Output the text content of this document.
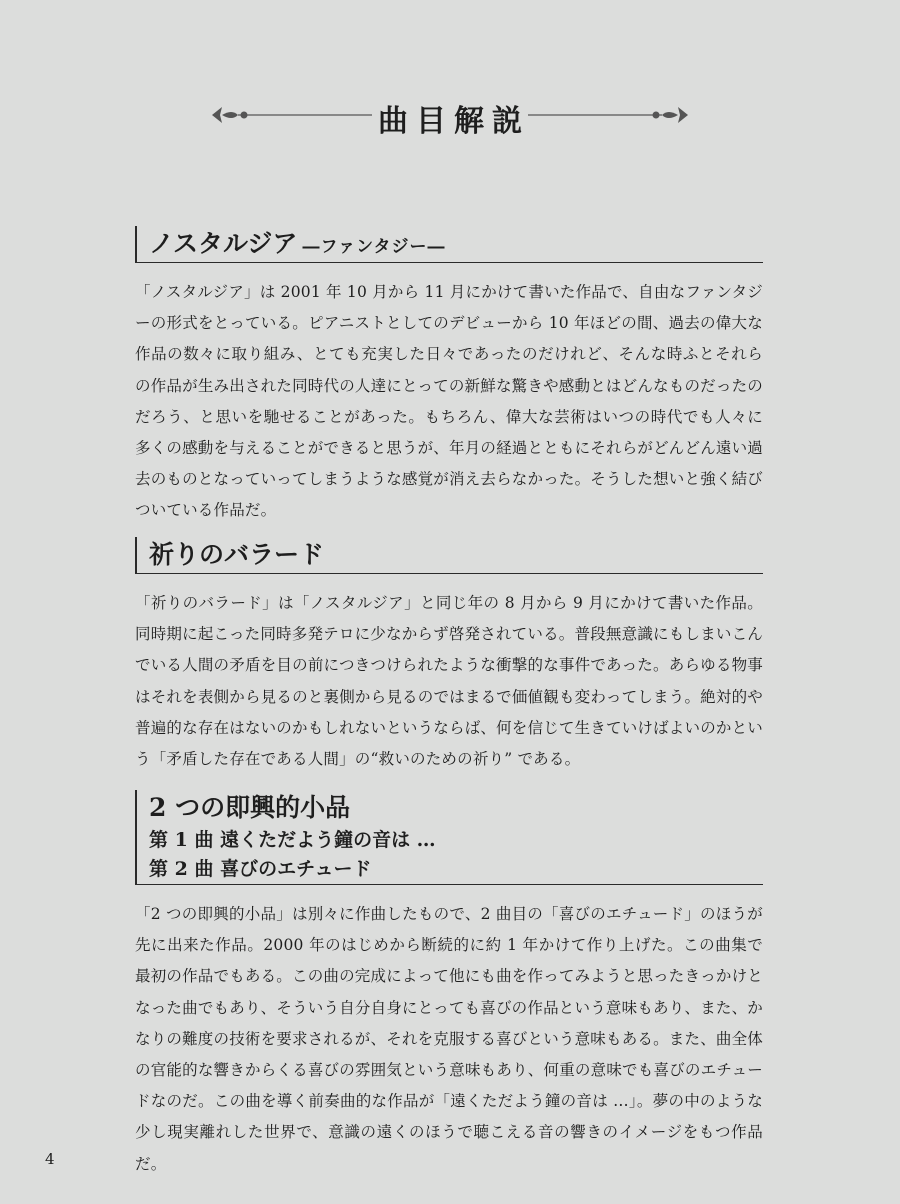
曲目解説
ノスタルジア ―ファンタジー―

「ノスタルジア」は 2001 年 10 月から 11 月にかけて書いた作品で、自由なファンタジーの形式をとっている。ピアニストとしてのデビューから 10 年ほどの間、過去の偉大な作品の数々に取り組み、とても充実した日々であったのだけれど、そんな時ふとそれらの作品が生み出された同時代の人達にとっての新鮮な驚きや感動とはどんなものだったのだろう、と思いを馳せることがあった。もちろん、偉大な芸術はいつの時代でも人々に多くの感動を与えることができると思うが、年月の経過とともにそれらがどんどん遠い過去のものとなっていってしまうような感覚が消え去らなかった。そうした想いと強く結びついている作品だ。

祈りのバラード

「祈りのバラード」は「ノスタルジア」と同じ年の 8 月から 9 月にかけて書いた作品。同時期に起こった同時多発テロに少なからず啓発されている。普段無意識にもしまいこんでいる人間の矛盾を目の前につきつけられたような衝撃的な事件であった。あらゆる物事はそれを表側から見るのと裏側から見るのではまるで価値観も変わってしまう。絶対的や普遍的な存在はないのかもしれないというならば、何を信じて生きていけばよいのかという「矛盾した存在である人間」の“救いのための祈り” である。

2 つの即興的小品
第 1 曲 遠くただよう鐘の音は …
第 2 曲 喜びのエチュード

「2 つの即興的小品」は別々に作曲したもので、2 曲目の「喜びのエチュード」のほうが先に出来た作品。2000 年のはじめから断続的に約 1 年かけて作り上げた。この曲集で最初の作品でもある。この曲の完成によって他にも曲を作ってみようと思ったきっかけとなった曲でもあり、そういう自分自身にとっても喜びの作品という意味もあり、また、かなりの難度の技術を要求されるが、それを克服する喜びという意味もある。また、曲全体の官能的な響きからくる喜びの雰囲気という意味もあり、何重の意味でも喜びのエチュードなのだ。この曲を導く前奏曲的な作品が「遠くただよう鐘の音は …」。夢の中のような少し現実離れした世界で、意識の遠くのほうで聴こえる音の響きのイメージをもつ作品だ。

4
